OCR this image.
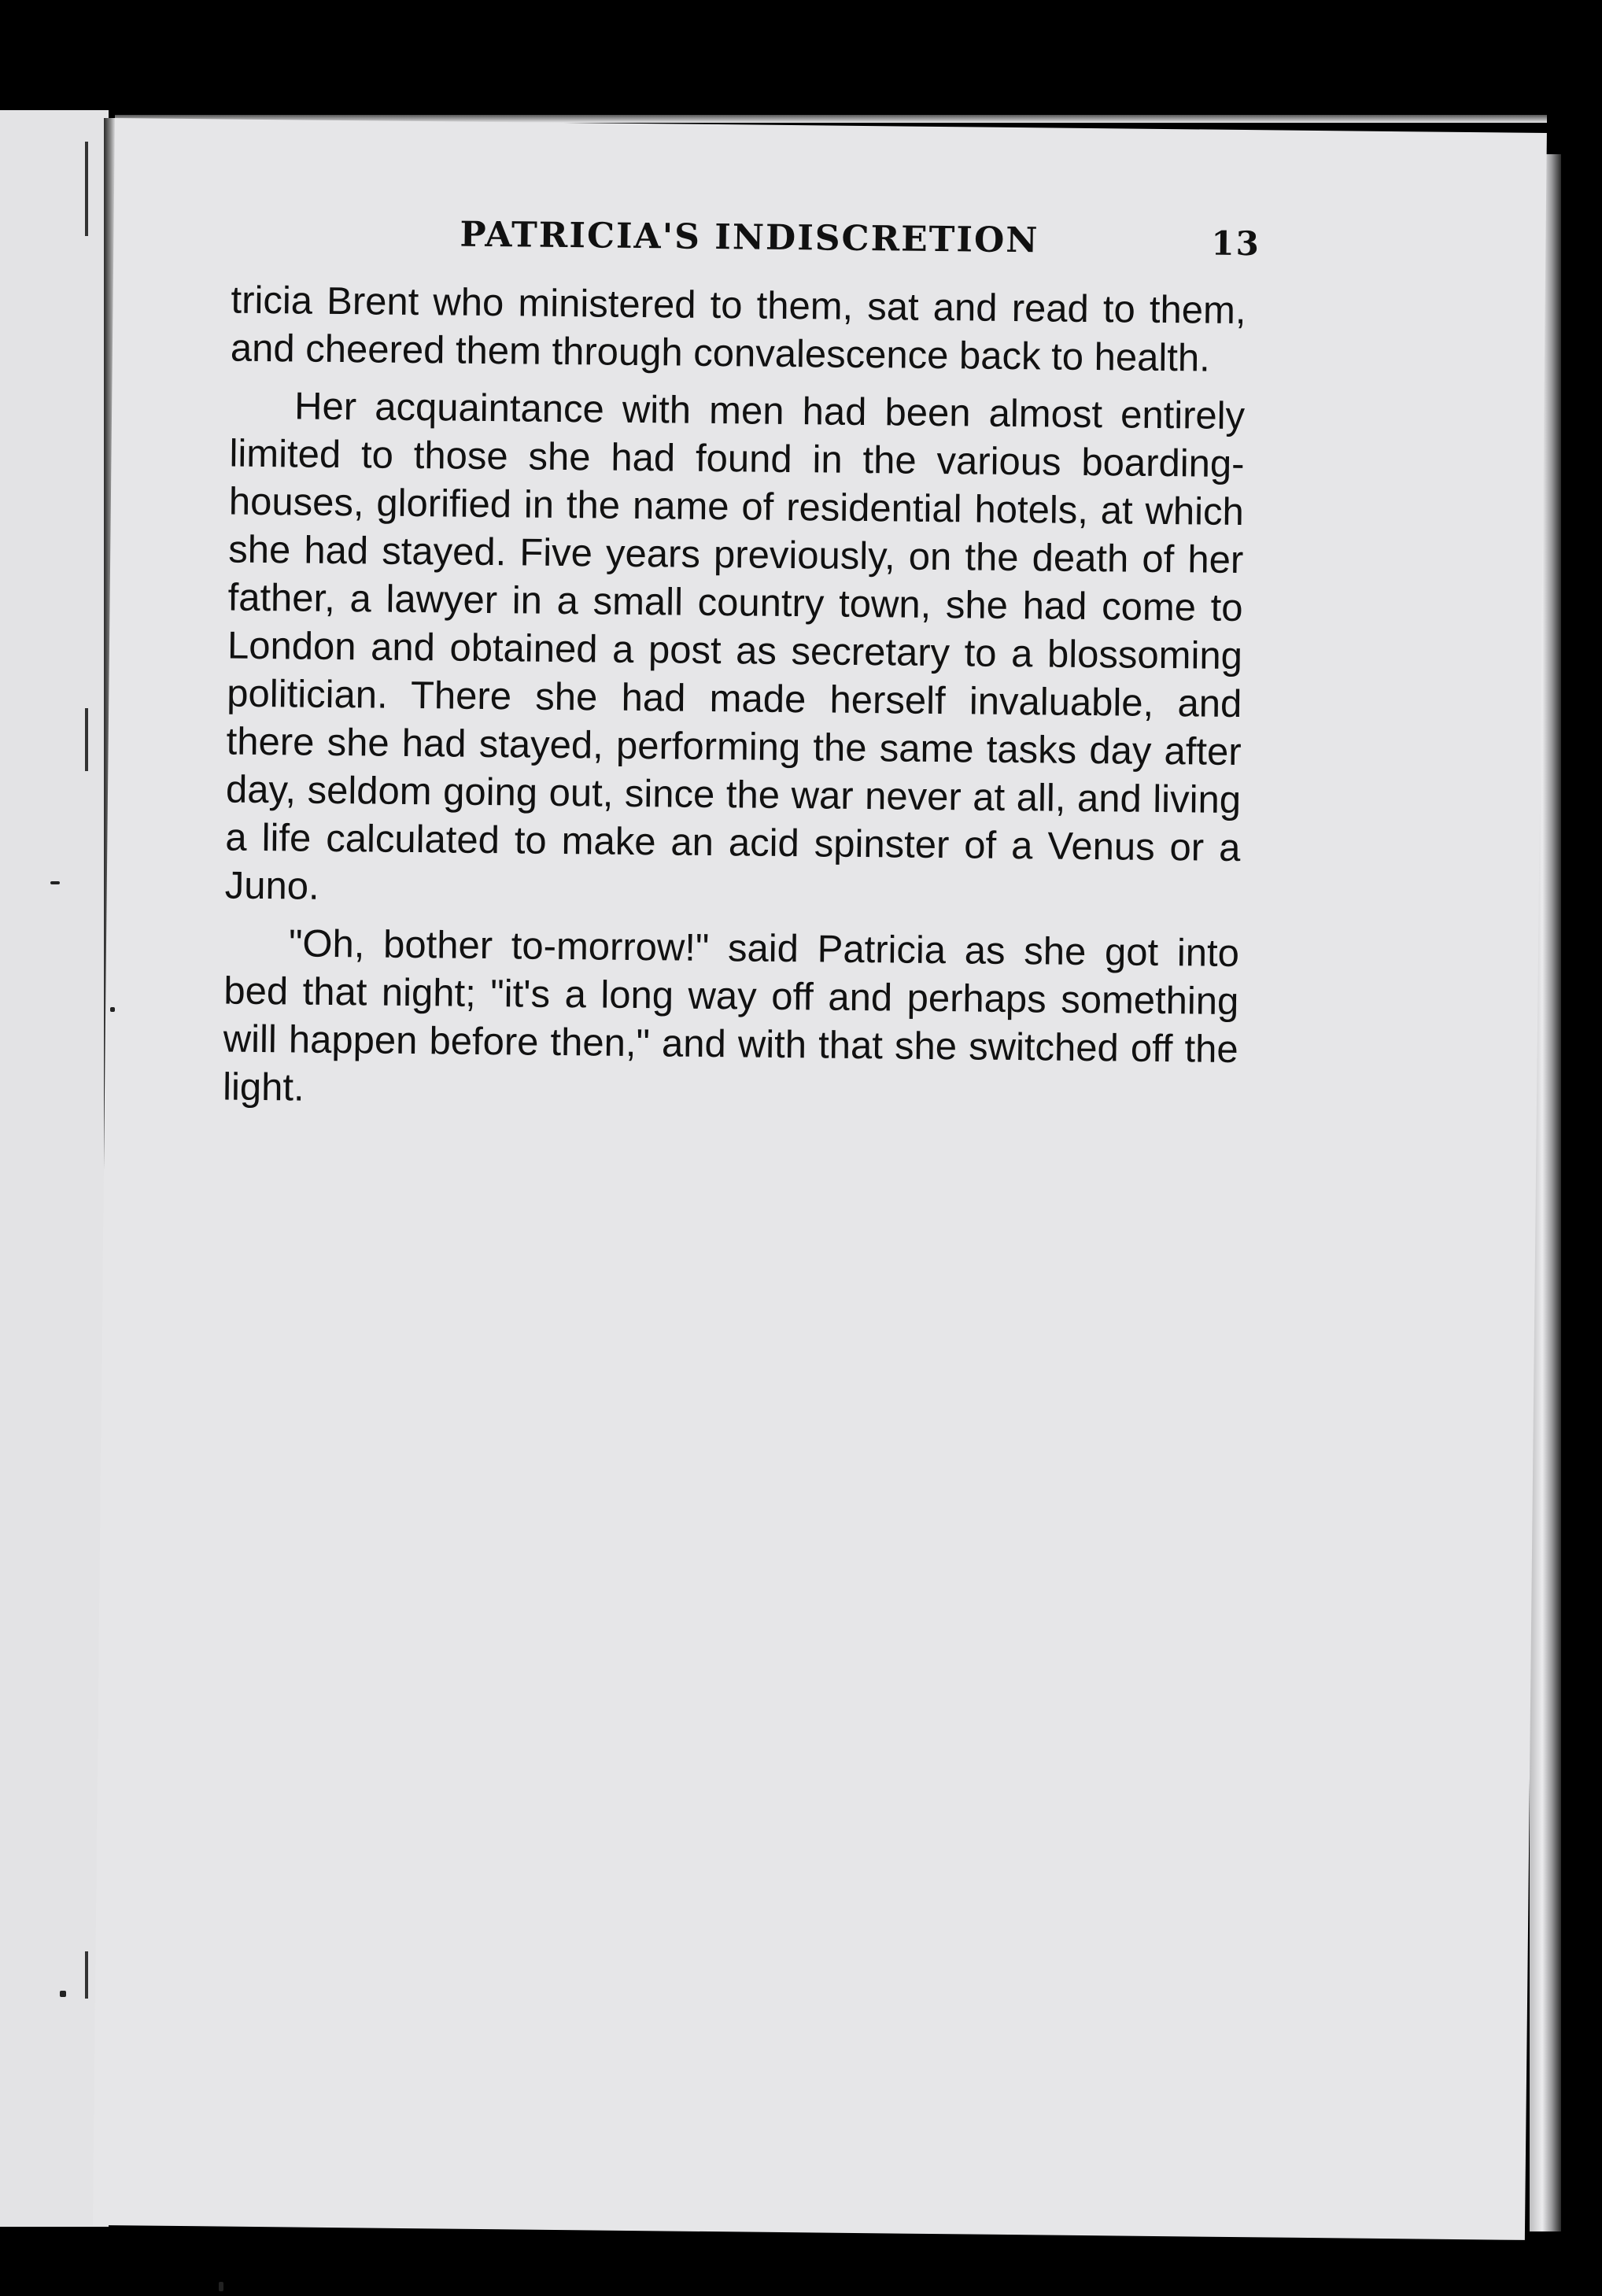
PATRICIA'S INDISCRETION	13

tricia Brent who ministered to them, sat and read to them, and cheered them through convalescence back to health.

Her acquaintance with men had been almost entirely limited to those she had found in the various boarding-houses, glorified in the name of residential hotels, at which she had stayed. Five years previously, on the death of her father, a lawyer in a small country town, she had come to London and obtained a post as secretary to a blossoming politician. There she had made herself invaluable, and there she had stayed, performing the same tasks day after day, seldom going out, since the war never at all, and living a life calculated to make an acid spinster of a Venus or a Juno.

"Oh, bother to-morrow!" said Patricia as she got into bed that night; "it's a long way off and perhaps something will happen before then," and with that she switched off the light.
